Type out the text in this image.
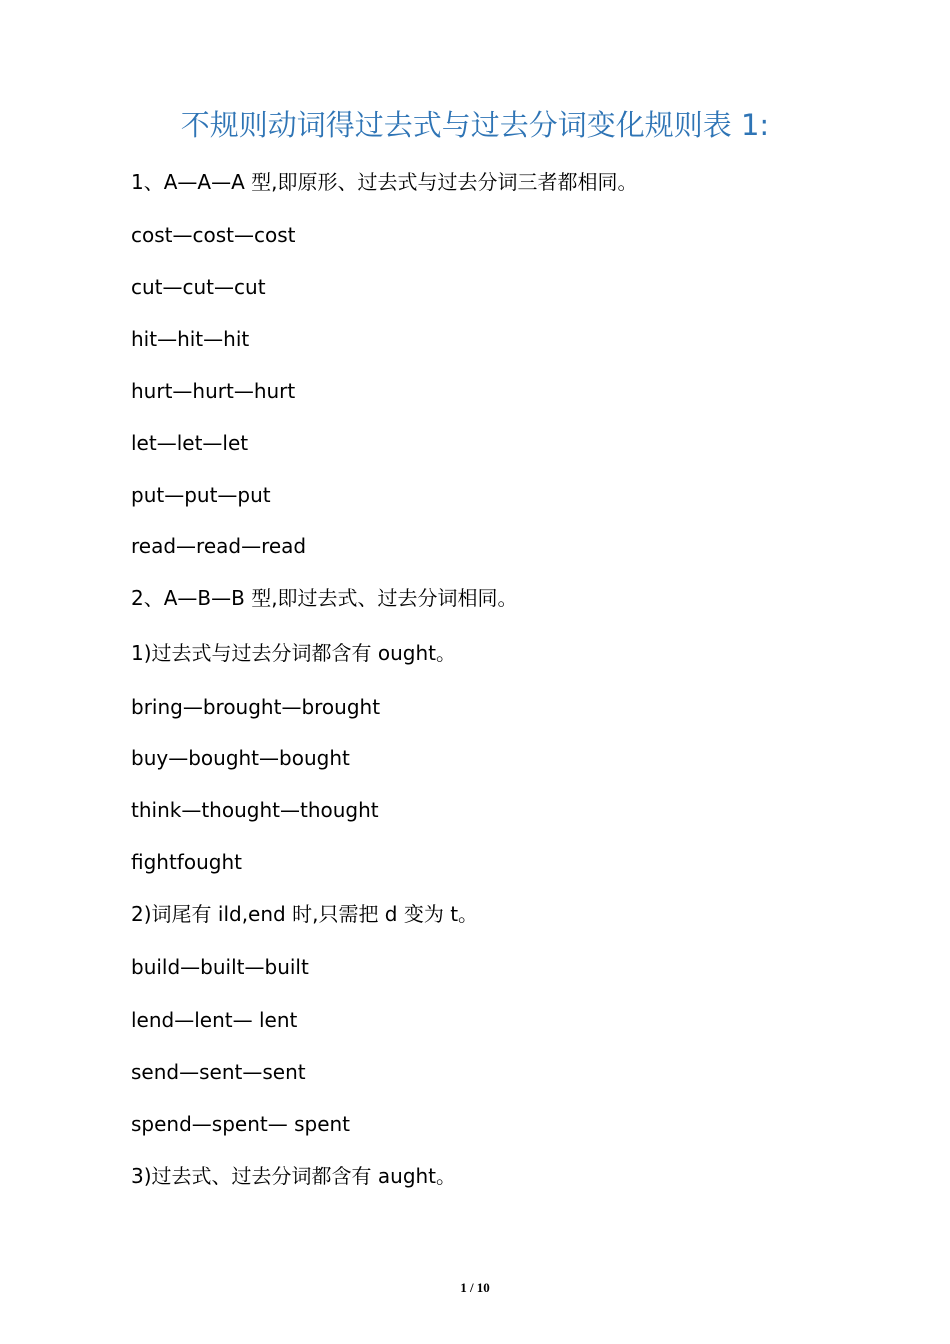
不规则动词得过去式与过去分词变化规则表 1:
1、A—A—A 型,即原形、过去式与过去分词三者都相同。
cost—cost—cost
cut—cut—cut
hit—hit—hit
hurt—hurt—hurt
let—let—let
put—put—put
read—read—read
2、A—B—B 型,即过去式、过去分词相同。
1)过去式与过去分词都含有 ought。
bring—brought—brought
buy—bought—bought
think—thought—thought
fightfought
2)词尾有 ild,end 时,只需把 d 变为 t。
build—built—built
lend—lent— lent
send—sent—sent
spend—spent— spent
3)过去式、过去分词都含有 aught。
1 / 10
